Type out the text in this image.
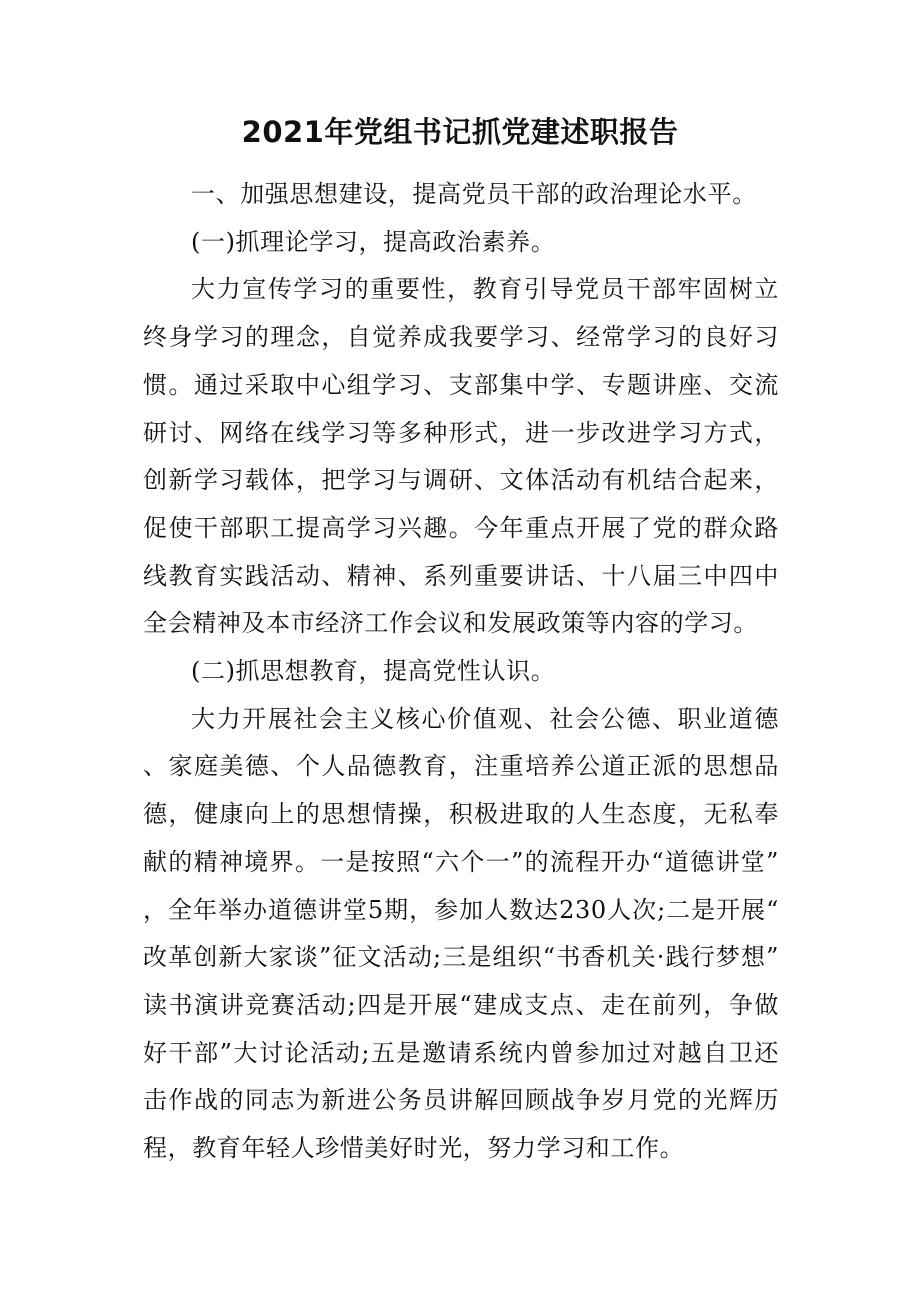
2021年党组书记抓党建述职报告

一、加强思想建设，提高党员干部的政治理论水平。

(一)抓理论学习，提高政治素养。

大力宣传学习的重要性，教育引导党员干部牢固树立终身学习的理念，自觉养成我要学习、经常学习的良好习惯。通过采取中心组学习、支部集中学、专题讲座、交流研讨、网络在线学习等多种形式，进一步改进学习方式，创新学习载体，把学习与调研、文体活动有机结合起来，促使干部职工提高学习兴趣。今年重点开展了党的群众路线教育实践活动、精神、系列重要讲话、十八届三中四中全会精神及本市经济工作会议和发展政策等内容的学习。

(二)抓思想教育，提高党性认识。

大力开展社会主义核心价值观、社会公德、职业道德、家庭美德、个人品德教育，注重培养公道正派的思想品德，健康向上的思想情操，积极进取的人生态度，无私奉献的精神境界。一是按照“六个一”的流程开办“道德讲堂”，全年举办道德讲堂5期，参加人数达230人次;二是开展“改革创新大家谈”征文活动;三是组织“书香机关·践行梦想”读书演讲竞赛活动;四是开展“建成支点、走在前列，争做好干部”大讨论活动;五是邀请系统内曾参加过对越自卫还击作战的同志为新进公务员讲解回顾战争岁月党的光辉历程，教育年轻人珍惜美好时光，努力学习和工作。
